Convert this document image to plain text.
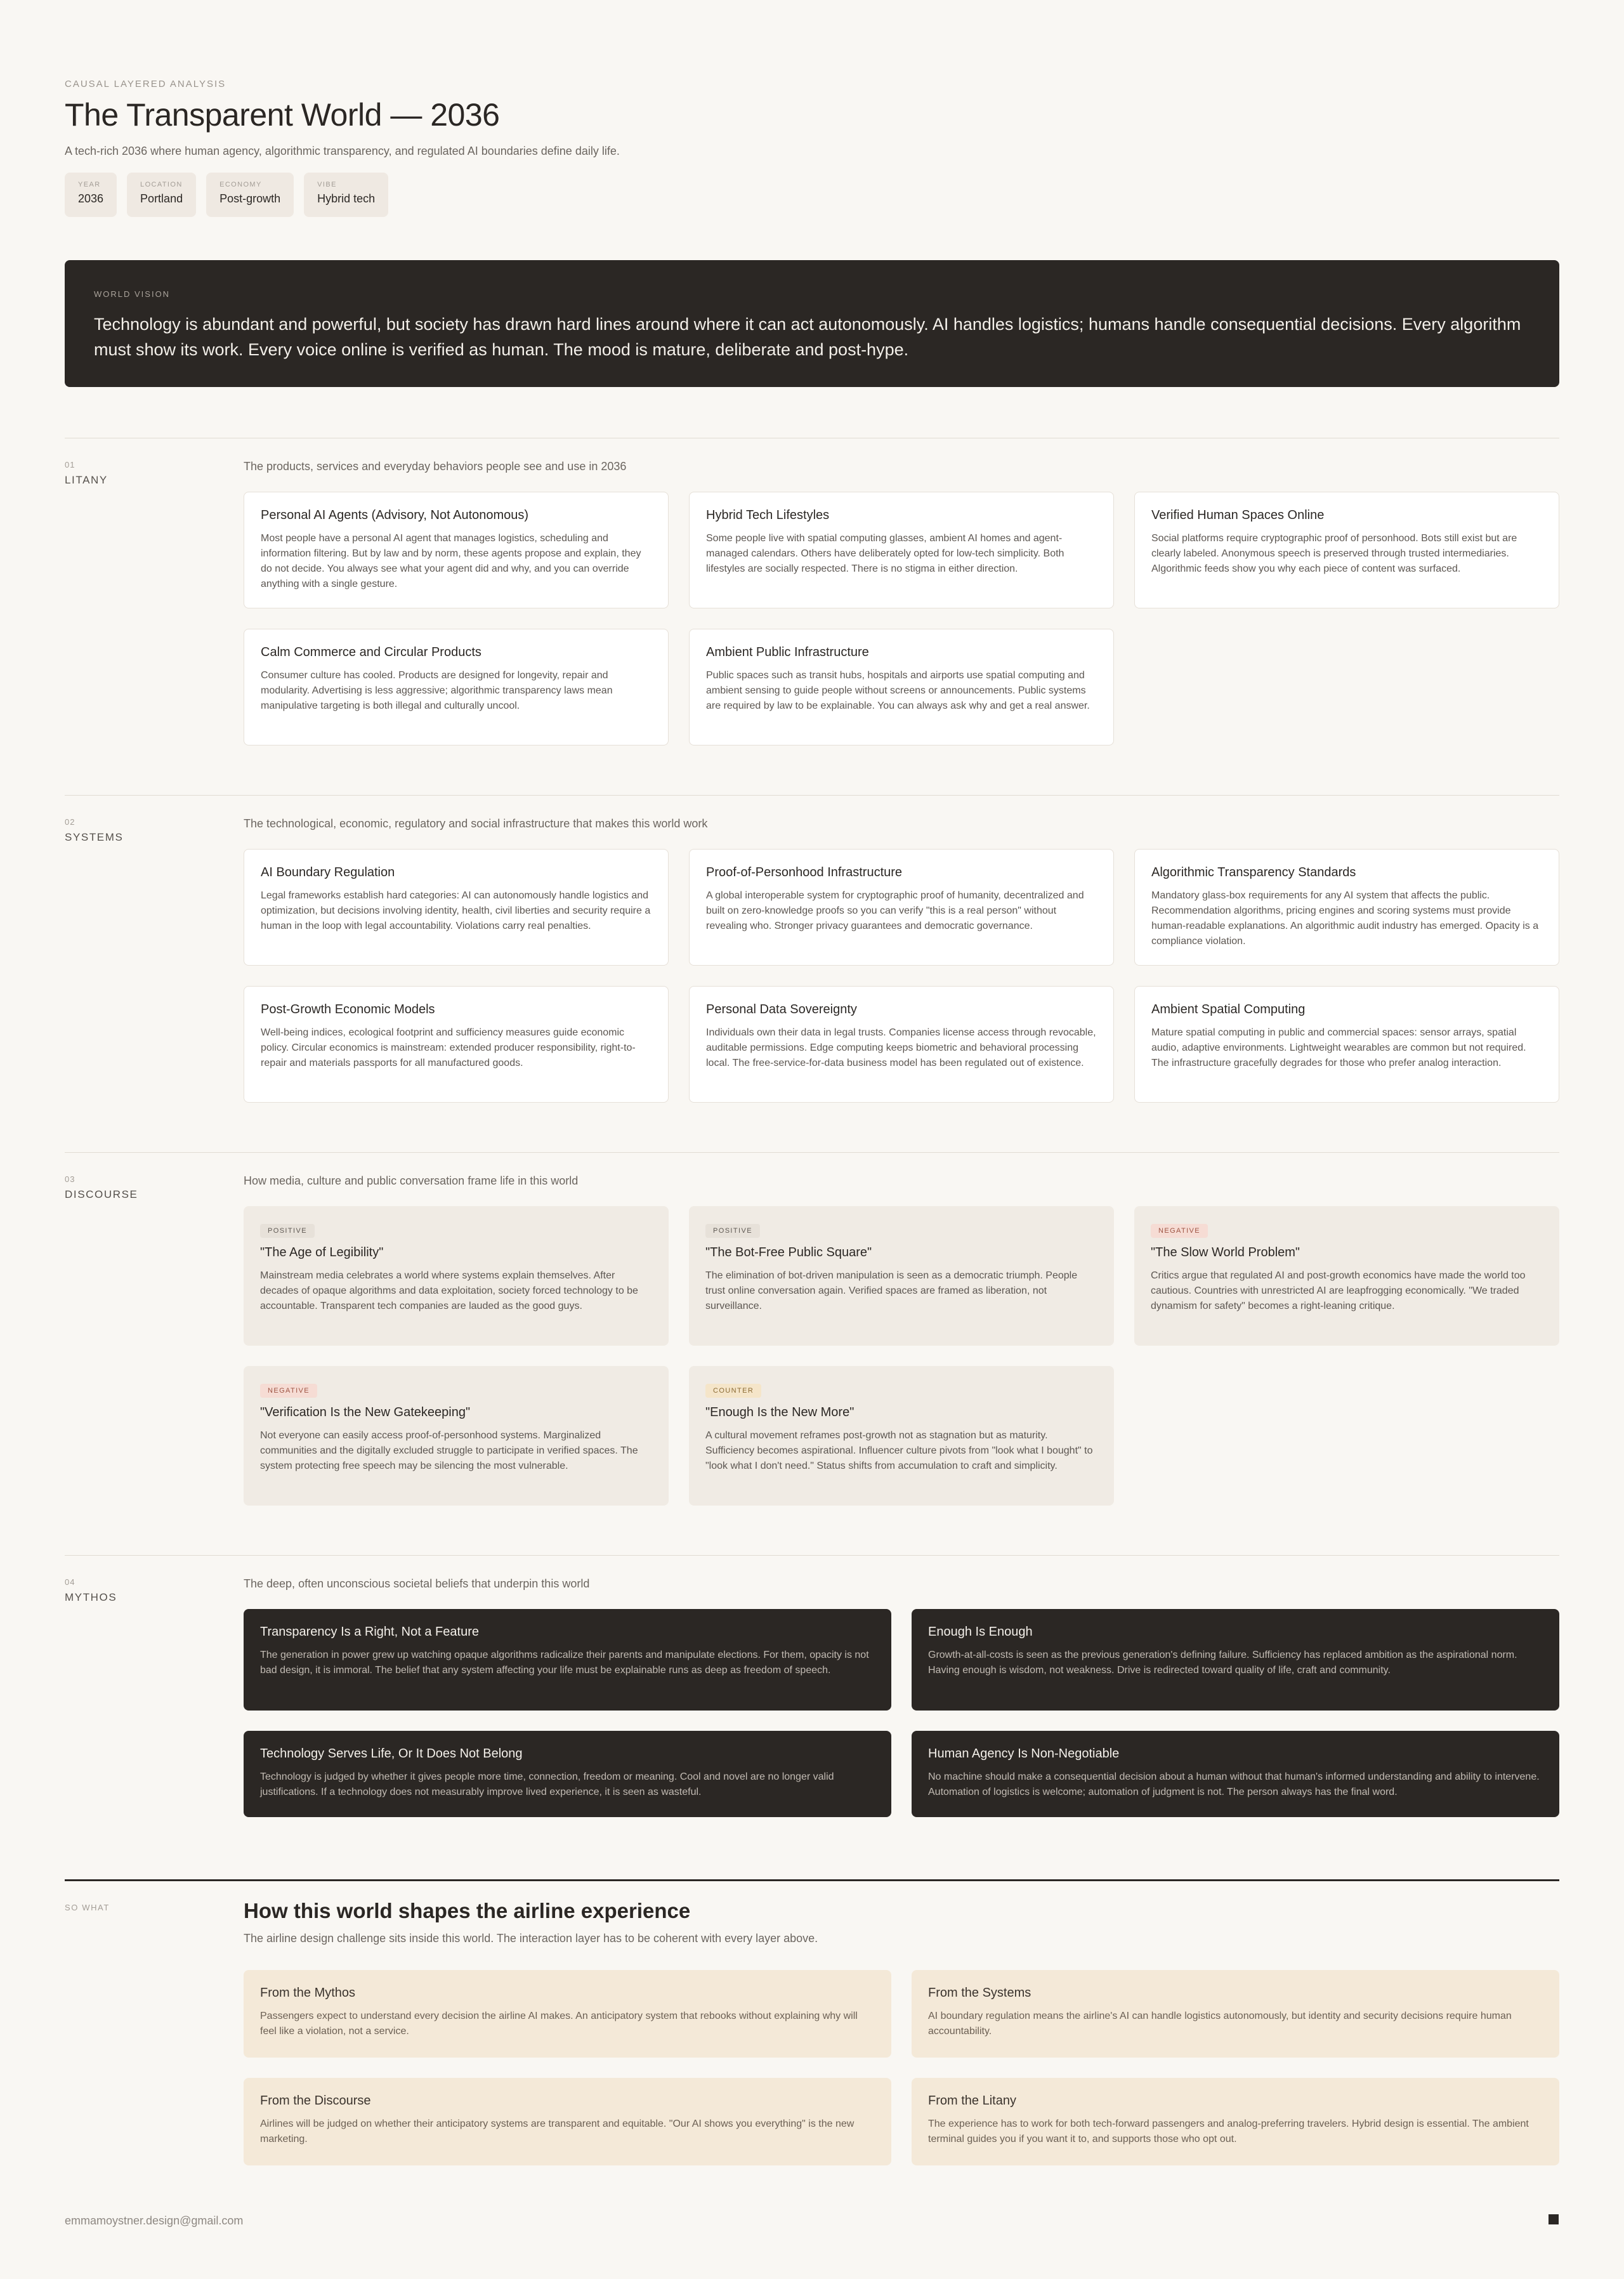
CAUSAL LAYERED ANALYSIS
The Transparent World — 2036

A tech-rich 2036 where human agency, algorithmic transparency, and regulated AI boundaries define daily life.

YEAR
2036
LOCATION
Portland
ECONOMY
Post-growth
VIBE
Hybrid tech
WORLD VISION

Technology is abundant and powerful, but society has drawn hard lines around where it can act autonomously. AI handles logistics; humans handle consequential decisions. Every algorithm must show its work. Every voice online is verified as human. The mood is mature, deliberate and post-hype.

01
LITANY

The products, services and everyday behaviors people see and use in 2036

Personal AI Agents (Advisory, Not Autonomous)
Most people have a personal AI agent that manages logistics, scheduling and information filtering. But by law and by norm, these agents propose and explain, they do not decide. You always see what your agent did and why, and you can override anything with a single gesture.
Hybrid Tech Lifestyles
Some people live with spatial computing glasses, ambient AI homes and agent-managed calendars. Others have deliberately opted for low-tech simplicity. Both lifestyles are socially respected. There is no stigma in either direction.
Verified Human Spaces Online
Social platforms require cryptographic proof of personhood. Bots still exist but are clearly labeled. Anonymous speech is preserved through trusted intermediaries. Algorithmic feeds show you why each piece of content was surfaced.
Calm Commerce and Circular Products
Consumer culture has cooled. Products are designed for longevity, repair and modularity. Advertising is less aggressive; algorithmic transparency laws mean manipulative targeting is both illegal and culturally uncool.
Ambient Public Infrastructure
Public spaces such as transit hubs, hospitals and airports use spatial computing and ambient sensing to guide people without screens or announcements. Public systems are required by law to be explainable. You can always ask why and get a real answer.
02
SYSTEMS

The technological, economic, regulatory and social infrastructure that makes this world work

AI Boundary Regulation
Legal frameworks establish hard categories: AI can autonomously handle logistics and optimization, but decisions involving identity, health, civil liberties and security require a human in the loop with legal accountability. Violations carry real penalties.
Proof-of-Personhood Infrastructure
A global interoperable system for cryptographic proof of humanity, decentralized and built on zero-knowledge proofs so you can verify "this is a real person" without revealing who. Stronger privacy guarantees and democratic governance.
Algorithmic Transparency Standards
Mandatory glass-box requirements for any AI system that affects the public. Recommendation algorithms, pricing engines and scoring systems must provide human-readable explanations. An algorithmic audit industry has emerged. Opacity is a compliance violation.
Post-Growth Economic Models
Well-being indices, ecological footprint and sufficiency measures guide economic policy. Circular economics is mainstream: extended producer responsibility, right-to-repair and materials passports for all manufactured goods.
Personal Data Sovereignty
Individuals own their data in legal trusts. Companies license access through revocable, auditable permissions. Edge computing keeps biometric and behavioral processing local. The free-service-for-data business model has been regulated out of existence.
Ambient Spatial Computing
Mature spatial computing in public and commercial spaces: sensor arrays, spatial audio, adaptive environments. Lightweight wearables are common but not required. The infrastructure gracefully degrades for those who prefer analog interaction.
03
DISCOURSE

How media, culture and public conversation frame life in this world

POSITIVE
"The Age of Legibility"
Mainstream media celebrates a world where systems explain themselves. After decades of opaque algorithms and data exploitation, society forced technology to be accountable. Transparent tech companies are lauded as the good guys.
POSITIVE
"The Bot-Free Public Square"
The elimination of bot-driven manipulation is seen as a democratic triumph. People trust online conversation again. Verified spaces are framed as liberation, not surveillance.
NEGATIVE
"The Slow World Problem"
Critics argue that regulated AI and post-growth economics have made the world too cautious. Countries with unrestricted AI are leapfrogging economically. "We traded dynamism for safety" becomes a right-leaning critique.
NEGATIVE
"Verification Is the New Gatekeeping"
Not everyone can easily access proof-of-personhood systems. Marginalized communities and the digitally excluded struggle to participate in verified spaces. The system protecting free speech may be silencing the most vulnerable.
COUNTER
"Enough Is the New More"
A cultural movement reframes post-growth not as stagnation but as maturity. Sufficiency becomes aspirational. Influencer culture pivots from "look what I bought" to "look what I don't need." Status shifts from accumulation to craft and simplicity.
04
MYTHOS

The deep, often unconscious societal beliefs that underpin this world

Transparency Is a Right, Not a Feature
The generation in power grew up watching opaque algorithms radicalize their parents and manipulate elections. For them, opacity is not bad design, it is immoral. The belief that any system affecting your life must be explainable runs as deep as freedom of speech.
Enough Is Enough
Growth-at-all-costs is seen as the previous generation's defining failure. Sufficiency has replaced ambition as the aspirational norm. Having enough is wisdom, not weakness. Drive is redirected toward quality of life, craft and community.
Technology Serves Life, Or It Does Not Belong
Technology is judged by whether it gives people more time, connection, freedom or meaning. Cool and novel are no longer valid justifications. If a technology does not measurably improve lived experience, it is seen as wasteful.
Human Agency Is Non-Negotiable
No machine should make a consequential decision about a human without that human's informed understanding and ability to intervene. Automation of logistics is welcome; automation of judgment is not. The person always has the final word.
SO WHAT	How this world shapes the airline experience

The airline design challenge sits inside this world. The interaction layer has to be coherent with every layer above.

From the Mythos
Passengers expect to understand every decision the airline AI makes. An anticipatory system that rebooks without explaining why will feel like a violation, not a service.
From the Systems
AI boundary regulation means the airline's AI can handle logistics autonomously, but identity and security decisions require human accountability.
From the Discourse
Airlines will be judged on whether their anticipatory systems are transparent and equitable. "Our AI shows you everything" is the new marketing.
From the Litany
The experience has to work for both tech-forward passengers and analog-preferring travelers. Hybrid design is essential. The ambient terminal guides you if you want it to, and supports those who opt out.
emmamoystner.design@gmail.com
